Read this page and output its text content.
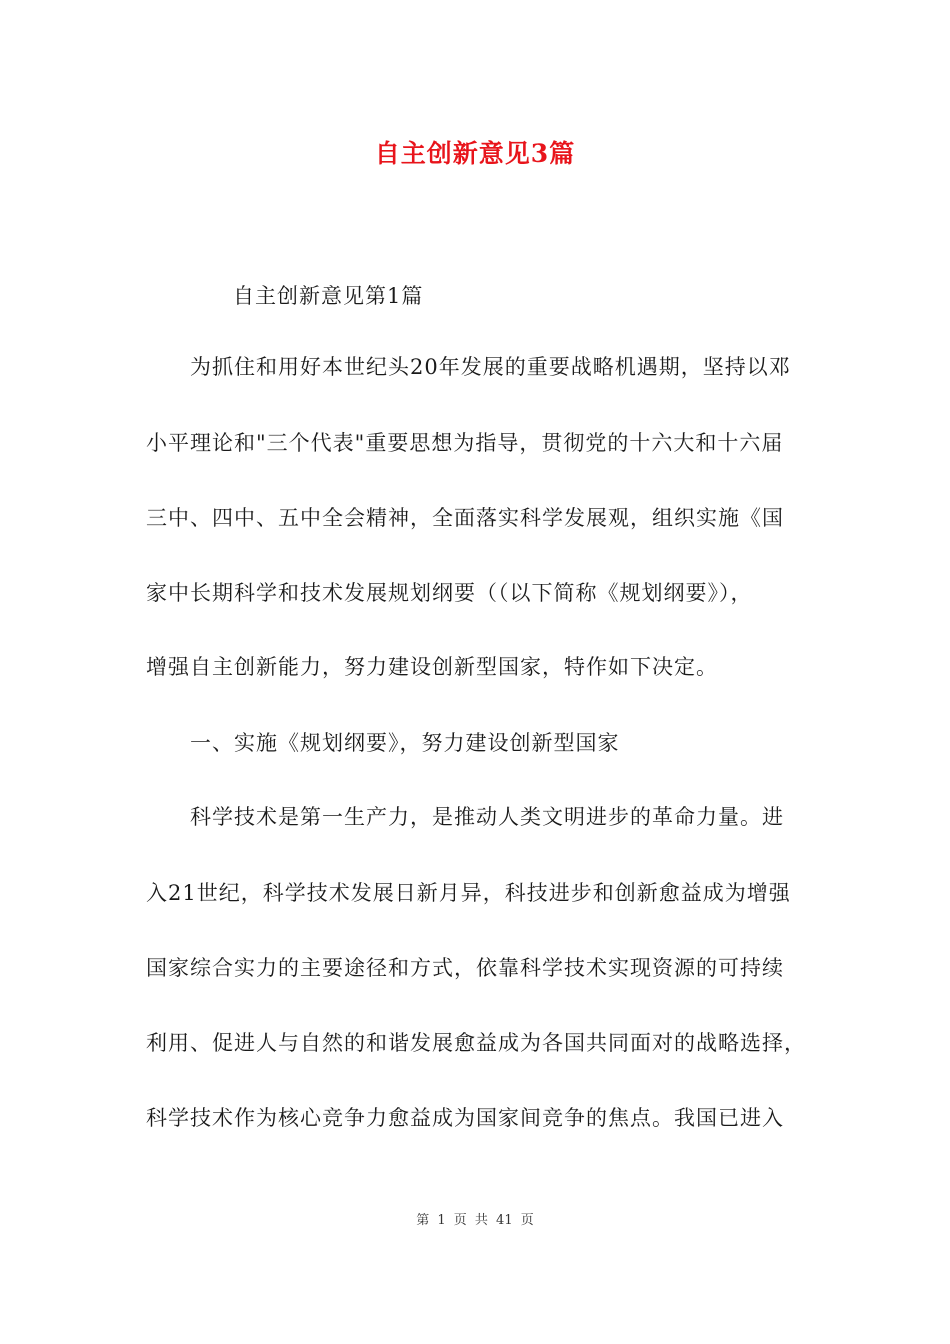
自主创新意见3篇
自主创新意见第1篇
为抓住和用好本世纪头20年发展的重要战略机遇期，坚持以邓
小平理论和"三个代表"重要思想为指导，贯彻党的十六大和十六届
三中、四中、五中全会精神，全面落实科学发展观，组织实施《国
家中长期科学和技术发展规划纲要（（以下简称《规划纲要》），
增强自主创新能力，努力建设创新型国家，特作如下决定。
一、实施《规划纲要》，努力建设创新型国家
科学技术是第一生产力，是推动人类文明进步的革命力量。进
入21世纪，科学技术发展日新月异，科技进步和创新愈益成为增强
国家综合实力的主要途径和方式，依靠科学技术实现资源的可持续
利用、促进人与自然的和谐发展愈益成为各国共同面对的战略选择，
科学技术作为核心竞争力愈益成为国家间竞争的焦点。我国已进入
第 1 页 共 41 页
